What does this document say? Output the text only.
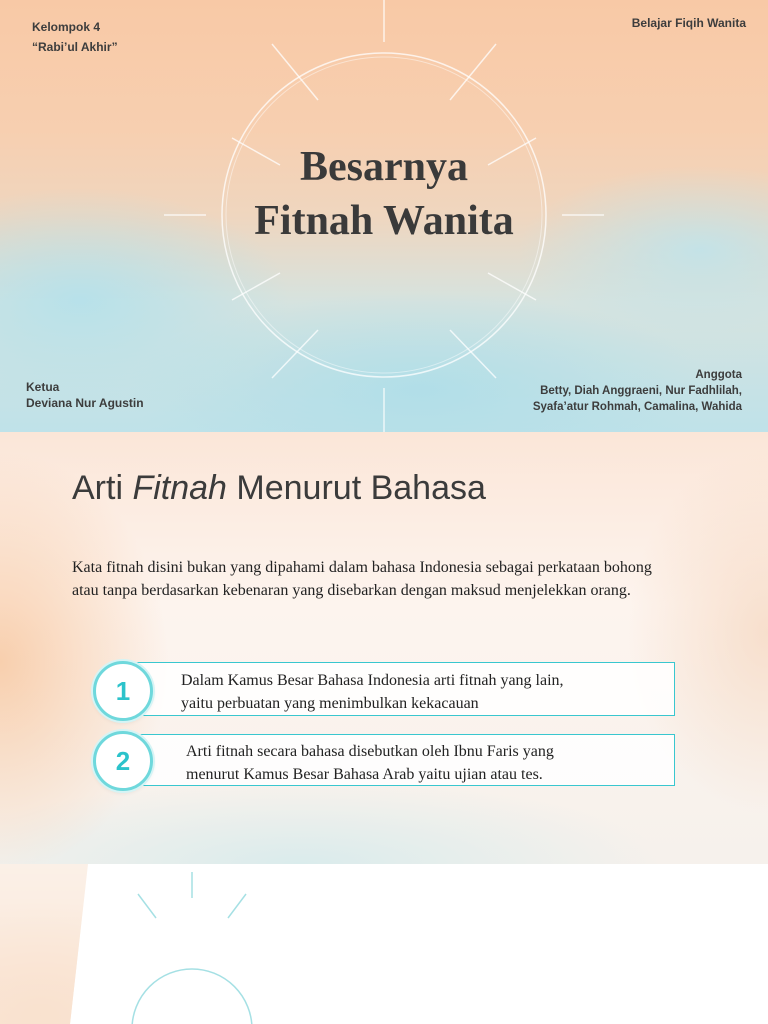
Kelompok 4
“Rabi’ul Akhir”
Belajar Fiqih Wanita
Besarnya
Fitnah Wanita
Ketua
Deviana Nur Agustin
Anggota
Betty, Diah Anggraeni, Nur Fadhlilah,
Syafa’atur Rohmah, Camalina, Wahida
Arti Fitnah Menurut Bahasa
Kata fitnah disini bukan yang dipahami dalam bahasa Indonesia sebagai perkataan bohong atau tanpa berdasarkan kebenaran yang disebarkan dengan maksud menjelekkan orang.
Dalam Kamus Besar Bahasa Indonesia arti fitnah yang lain,
yaitu perbuatan yang menimbulkan kekacauan
1
Arti fitnah secara bahasa disebutkan oleh Ibnu Faris yang
menurut Kamus Besar Bahasa Arab yaitu ujian atau tes.
2
